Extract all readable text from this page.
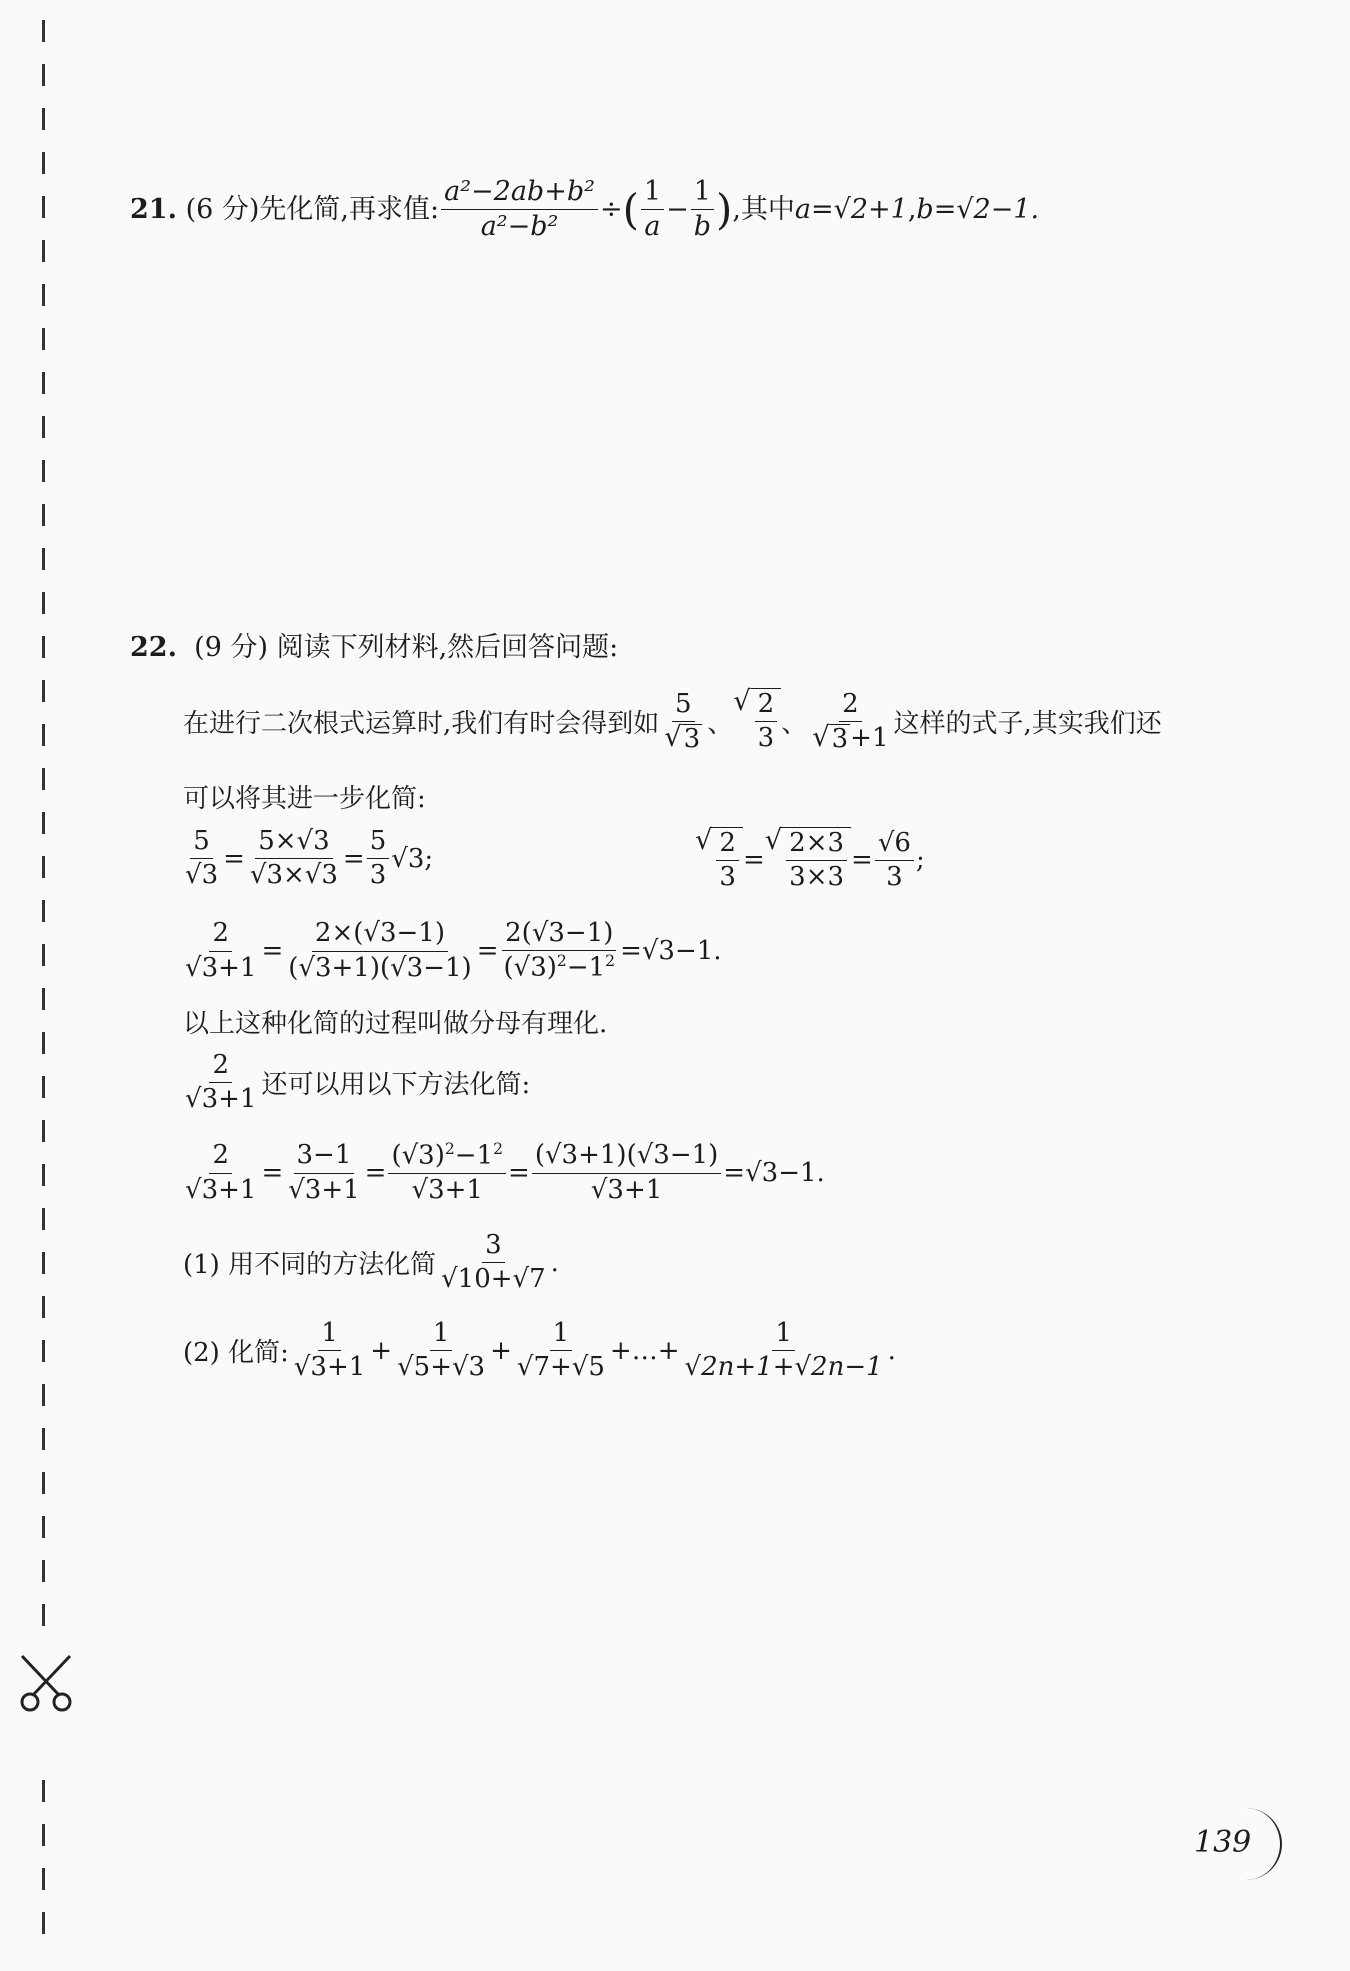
21.
(6 分) 先化简,再求值: $\frac{\text{a²−2ab+b²}}{\text{a²−b²}}$ ÷ ( $\frac{1}{a} - \frac{1}{b}$ ) ,其中 a=√2+1 , b=√2−1.
22. (9 分) 阅读下列材料,然后回答问题:
在进行二次根式运算时,我们有时会得到如 $\frac{5}{√ 3}$ 、
√ $\frac{2}{3}$ 、 $\frac{2}{√ 3 +1}$ 这样的式子,其实我们还
可以将其进一步化简:
$\frac{5}{√3} = \frac{5\times√3}{√3\times√3} = \frac{5}{3} √3$;
√ $\frac{2}{3}$ =
√ $\frac{2\times 3}{3\times 3} = \frac{√6}{3}$ ;
$\frac{2}{√3+1} = \frac{2\times(√3-1)}{(√3+1)(√3-1)} = \frac{2(√3-1)}{(√3)^2-1^2} =√3-1$.
以上这种化简的过程叫做分母有理化.
$\frac{2}{√3+1}$ 还可以用以下方法化简:
$\frac{2}{√3+1} = \frac{3-1}{√3+1} = \frac{(√3)^2-1^2}{√3+1} = \frac{(√3+1)(√3-1)}{√3+1} =√3-1$.
(1) 用不同的方法化简 $\frac{3}{√10+√7}$ .
(2) 化简: $\frac{1}{√3+1} + \frac{1}{√5+√3} + \frac{1}{√7+√5}$ +…+ $\frac{1}{√2n+1+√2n-1}$ .
139
